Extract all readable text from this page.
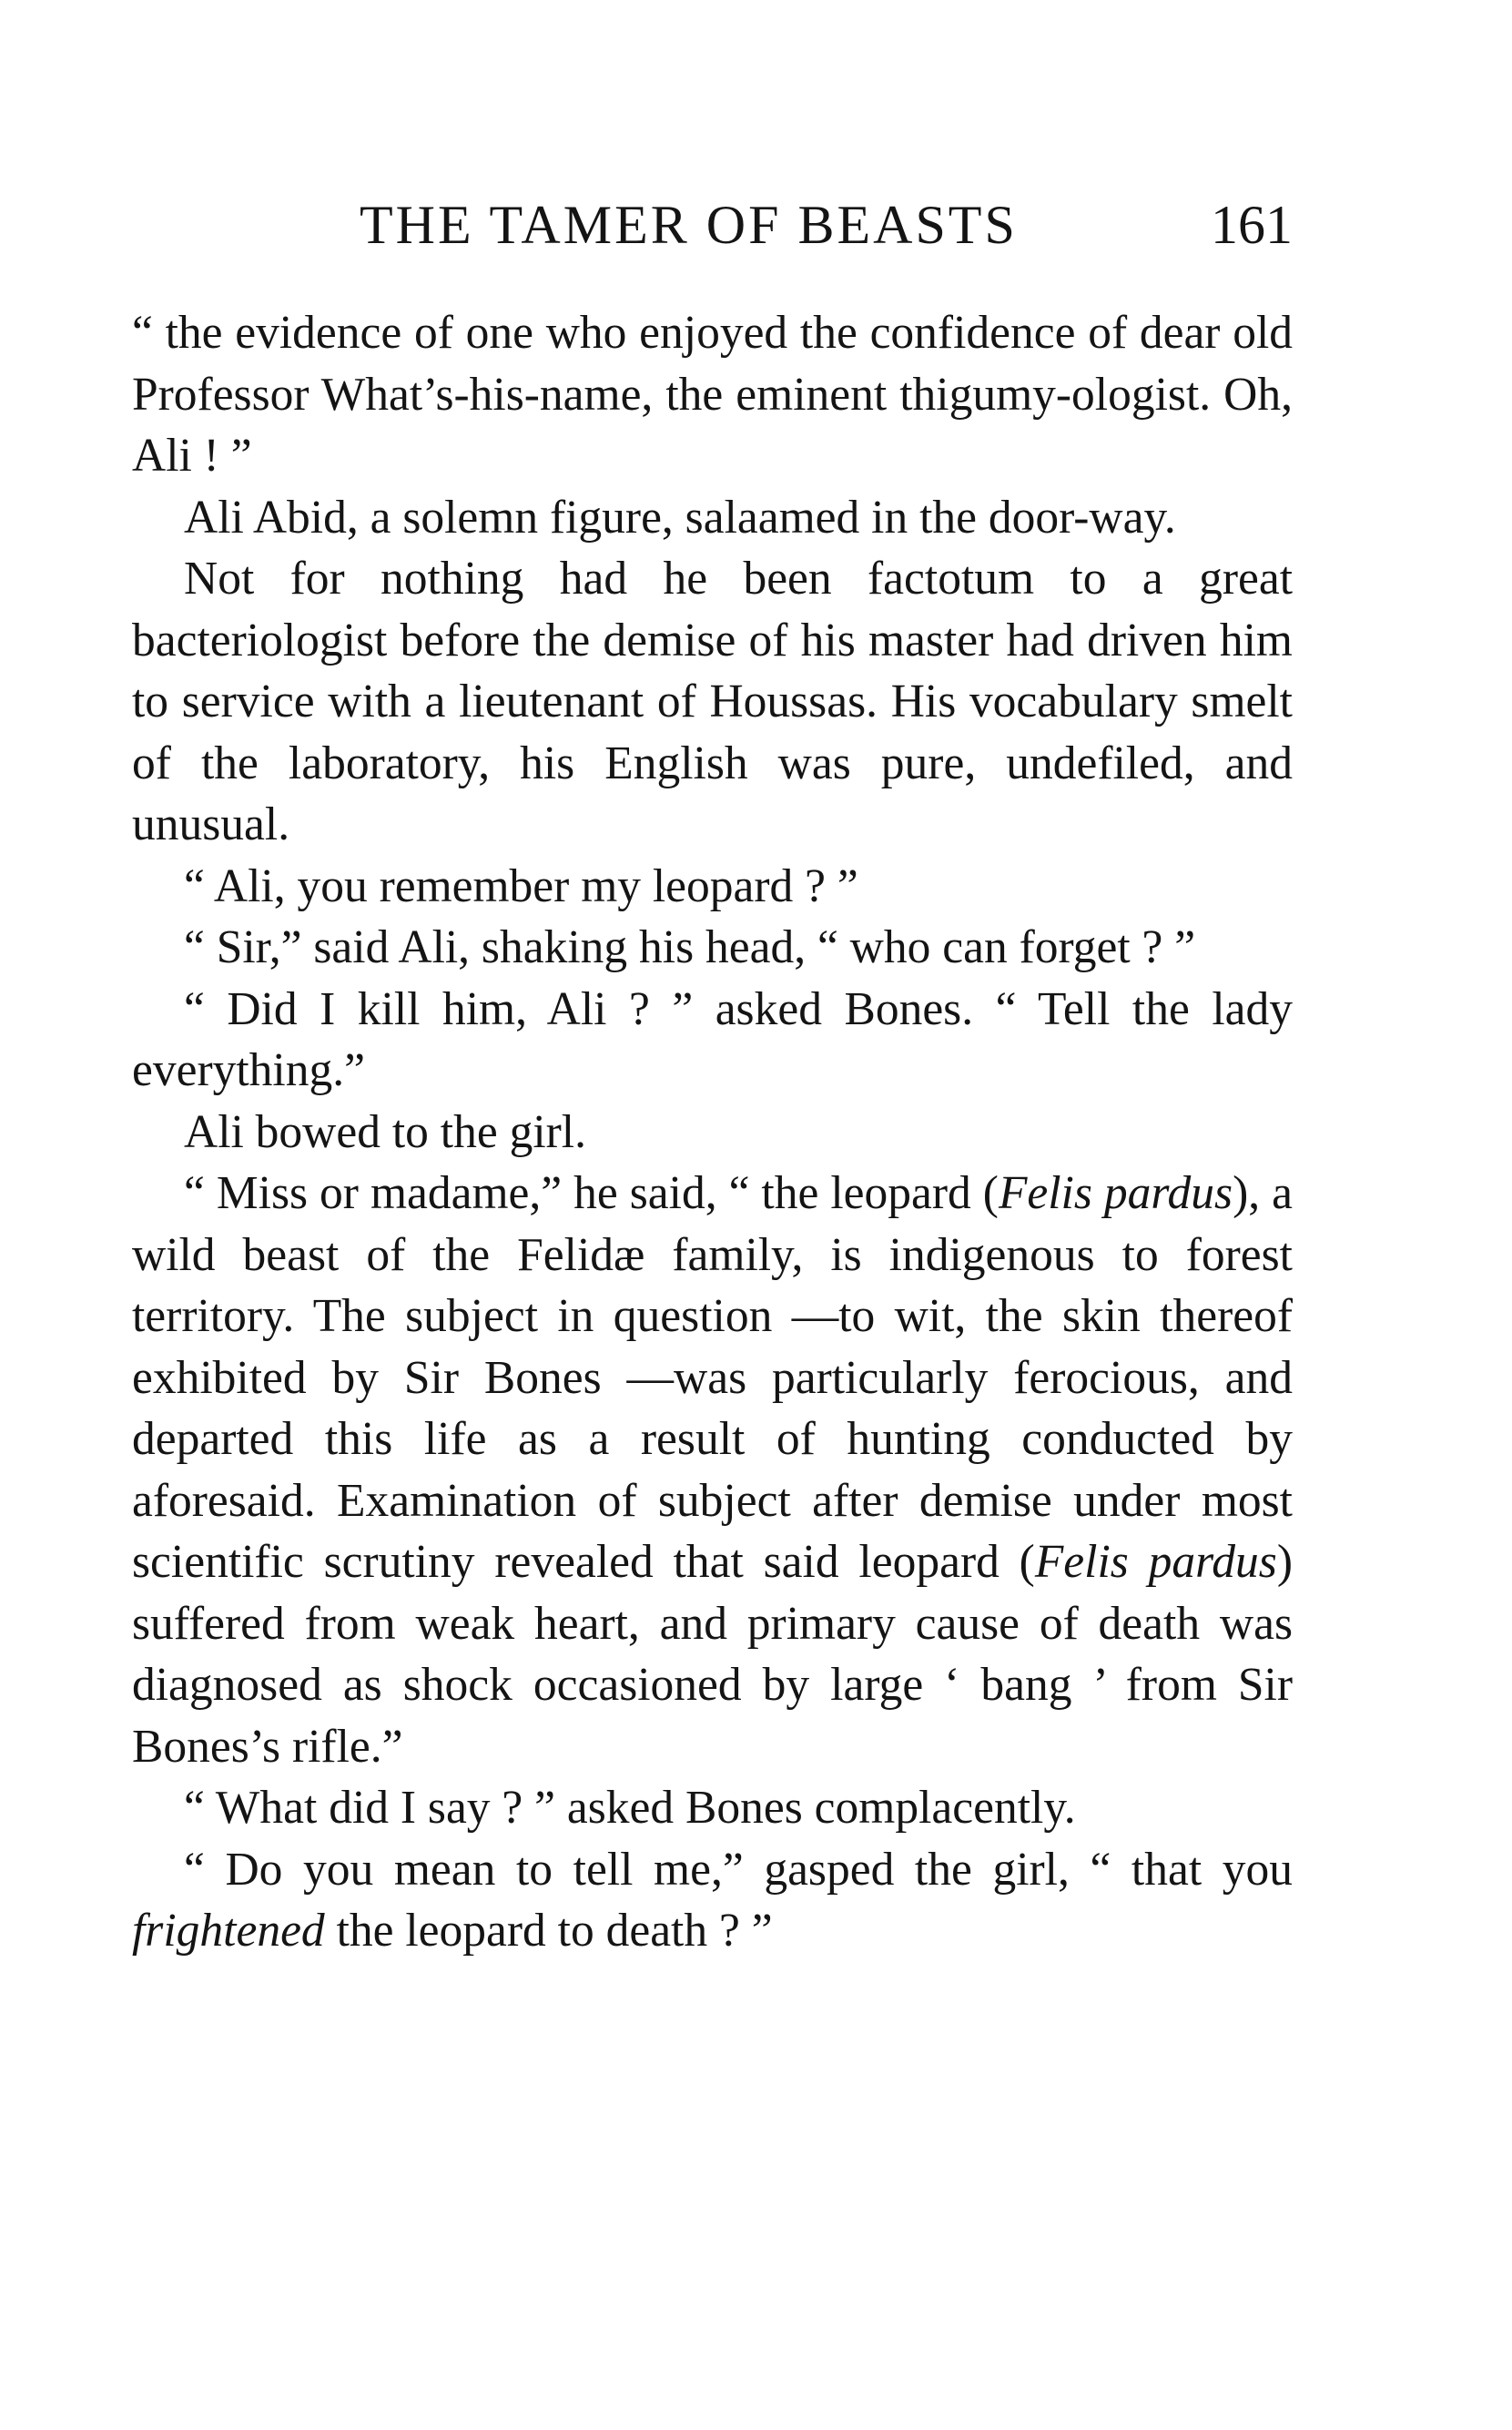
THE TAMER OF BEASTS	161

“ the evidence of one who enjoyed the confidence of dear old Professor What’s-his-name, the eminent thigumy-ologist. Oh, Ali ! ”

Ali Abid, a solemn figure, salaamed in the door-way.

Not for nothing had he been factotum to a great bacteriologist before the demise of his master had driven him to service with a lieutenant of Houssas. His vocabulary smelt of the laboratory, his English was pure, undefiled, and unusual.

“ Ali, you remember my leopard ? ”

“ Sir,” said Ali, shaking his head, “ who can forget ? ”

“ Did I kill him, Ali ? ” asked Bones. “ Tell the lady everything.”

Ali bowed to the girl.

“ Miss or madame,” he said, “ the leopard (Felis pardus), a wild beast of the Felidæ family, is indigenous to forest territory. The subject in question —to wit, the skin thereof exhibited by Sir Bones —was particularly ferocious, and departed this life as a result of hunting conducted by aforesaid. Examination of subject after demise under most scientific scrutiny revealed that said leopard (Felis pardus) suffered from weak heart, and primary cause of death was diagnosed as shock occasioned by large ‘ bang ’ from Sir Bones’s rifle.”

“ What did I say ? ” asked Bones complacently.

“ Do you mean to tell me,” gasped the girl, “ that you frightened the leopard to death ? ”
